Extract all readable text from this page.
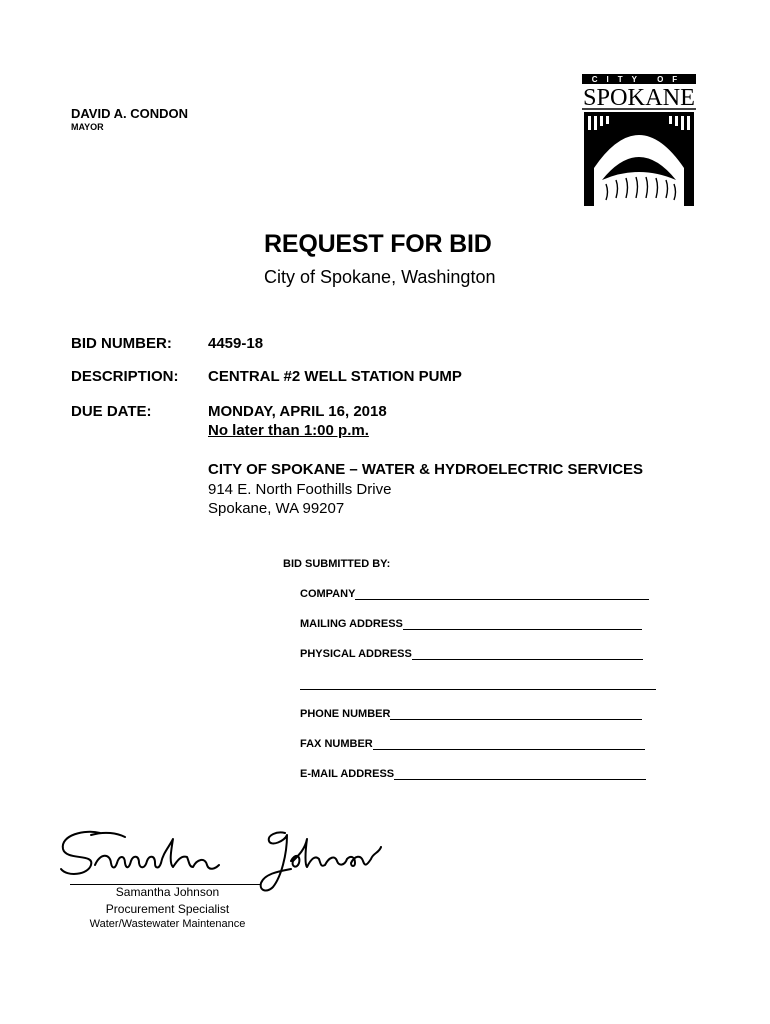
DAVID A. CONDON
MAYOR
CITY OF
SPOKANE
REQUEST FOR BID
City of Spokane, Washington
BID NUMBER: 4459-18
DESCRIPTION: CENTRAL #2 WELL STATION PUMP
DUE DATE:	MONDAY, APRIL 16, 2018
No later than 1:00 p.m.
CITY OF SPOKANE – WATER & HYDROELECTRIC SERVICES
914 E. North Foothills Drive
Spokane, WA 99207
BID SUBMITTED BY:
COMPANY
MAILING ADDRESS
PHYSICAL ADDRESS
PHONE NUMBER
FAX NUMBER
E-MAIL ADDRESS
Samantha Johnson
Samantha Johnson
Procurement Specialist
Water/Wastewater Maintenance
